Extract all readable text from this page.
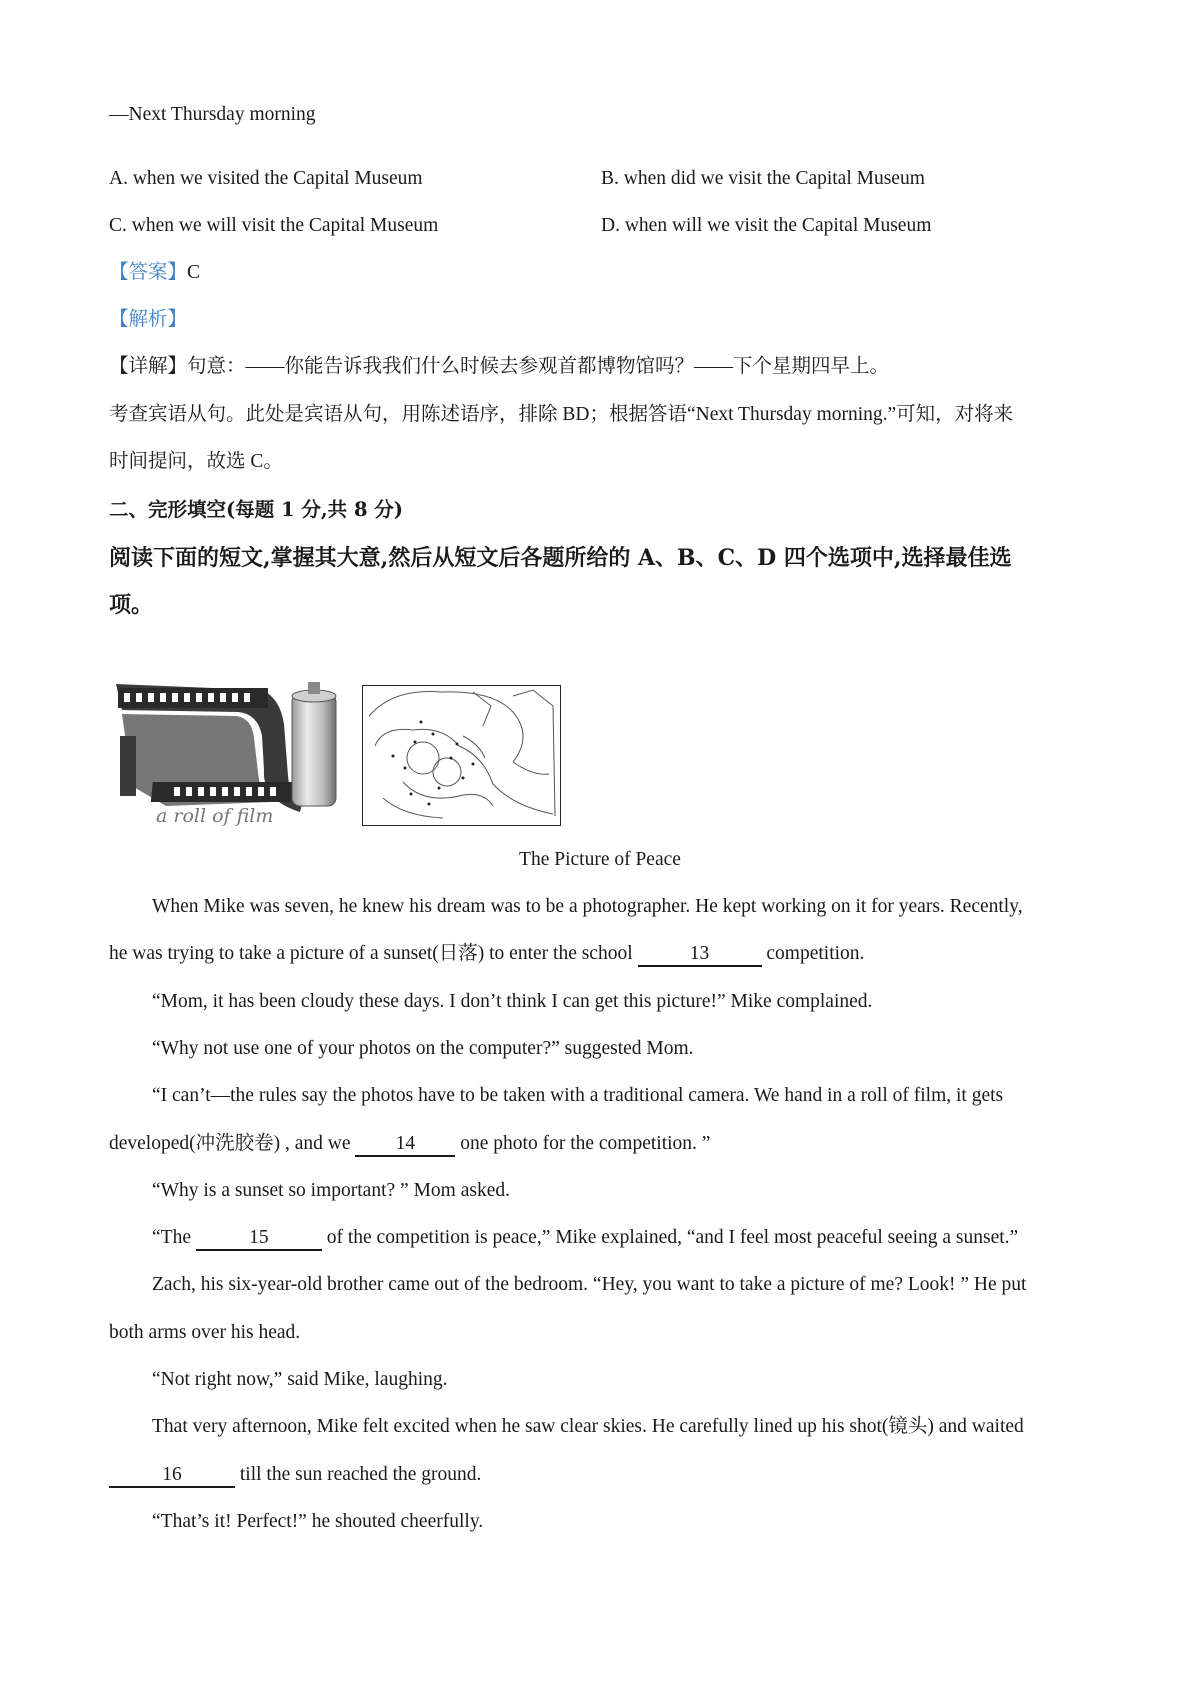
—Next Thursday morning
A. when we visited the Capital Museum	B. when did we visit the Capital Museum
C. when we will visit the Capital Museum	D. when will we visit the Capital Museum
【答案】C
【解析】
【详解】句意：——你能告诉我我们什么时候去参观首都博物馆吗？——下个星期四早上。
考查宾语从句。此处是宾语从句，用陈述语序，排除 BD；根据答语“Next Thursday morning.”可知，对将来
时间提问，故选 C。
二、完形填空(每题 1 分,共 8 分)
阅读下面的短文,掌握其大意,然后从短文后各题所给的 A、B、C、D 四个选项中,选择最佳选
项。
a roll of film
The Picture of Peace
When Mike was seven, he knew his dream was to be a photographer. He kept working on it for years. Recently,
he was trying to take a picture of a sunset(日落) to enter the school	13	competition.
“Mom, it has been cloudy these days. I don’t think I can get this picture!” Mike complained.
“Why not use one of your photos on the computer?” suggested Mom.
“I can’t—the rules say the photos have to be taken with a traditional camera. We hand in a roll of film, it gets
developed(冲洗胶卷) , and we 14 one photo for the competition. ”
“Why is a sunset so important? ” Mom asked.
“The	15	of the competition is peace,” Mike explained, “and I feel most peaceful seeing a sunset.”
Zach, his six-year-old brother came out of the bedroom. “Hey, you want to take a picture of me? Look! ” He put
both arms over his head.
“Not right now,” said Mike, laughing.
That very afternoon, Mike felt excited when he saw clear skies. He carefully lined up his shot(镜头) and waited
16	till the sun reached the ground.
“That’s it! Perfect!” he shouted cheerfully.
